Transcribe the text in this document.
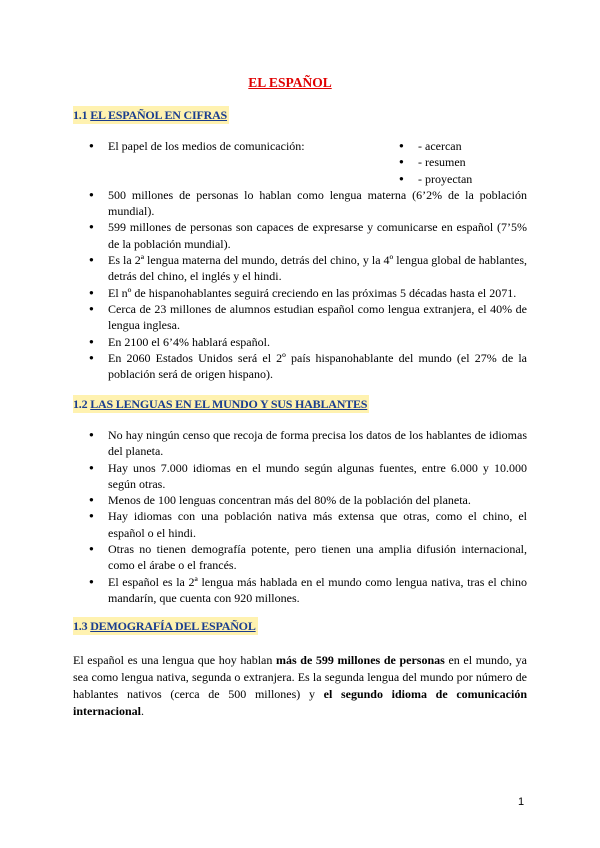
EL ESPAÑOL
1.1 EL ESPAÑOL EN CIFRAS
● El papel de los medios de comunicación:
●	- acercan
● - resumen
● - proyectan
● 500 millones de personas lo hablan como lengua materna (6’2% de la población mundial).
● 599 millones de personas son capaces de expresarse y comunicarse en español (7’5% de la población mundial).
● Es la 2ª lengua materna del mundo, detrás del chino, y la 4º lengua global de hablantes, detrás del chino, el inglés y el hindi.
● El nº de hispanohablantes seguirá creciendo en las próximas 5 décadas hasta el 2071.
● Cerca de 23 millones de alumnos estudian español como lengua extranjera, el 40% de lengua inglesa.
● En 2100 el 6’4% hablará español.
● En 2060 Estados Unidos será el 2º país hispanohablante del mundo (el 27% de la población será de origen hispano).
1.2 LAS LENGUAS EN EL MUNDO Y SUS HABLANTES
● No hay ningún censo que recoja de forma precisa los datos de los hablantes de idiomas del planeta.
● Hay unos 7.000 idiomas en el mundo según algunas fuentes, entre 6.000 y 10.000 según otras.
● Menos de 100 lenguas concentran más del 80% de la población del planeta.
● Hay idiomas con una población nativa más extensa que otras, como el chino, el español o el hindi.
● Otras no tienen demografía potente, pero tienen una amplia difusión internacional, como el árabe o el francés.
● El español es la 2ª lengua más hablada en el mundo como lengua nativa, tras el chino mandarín, que cuenta con 920 millones.
1.3 DEMOGRAFÍA DEL ESPAÑOL

El español es una lengua que hoy hablan más de 599 millones de personas en el mundo, ya sea como lengua nativa, segunda o extranjera. Es la segunda lengua del mundo por número de hablantes nativos (cerca de 500 millones) y el segundo idioma de comunicación internacional.

1
